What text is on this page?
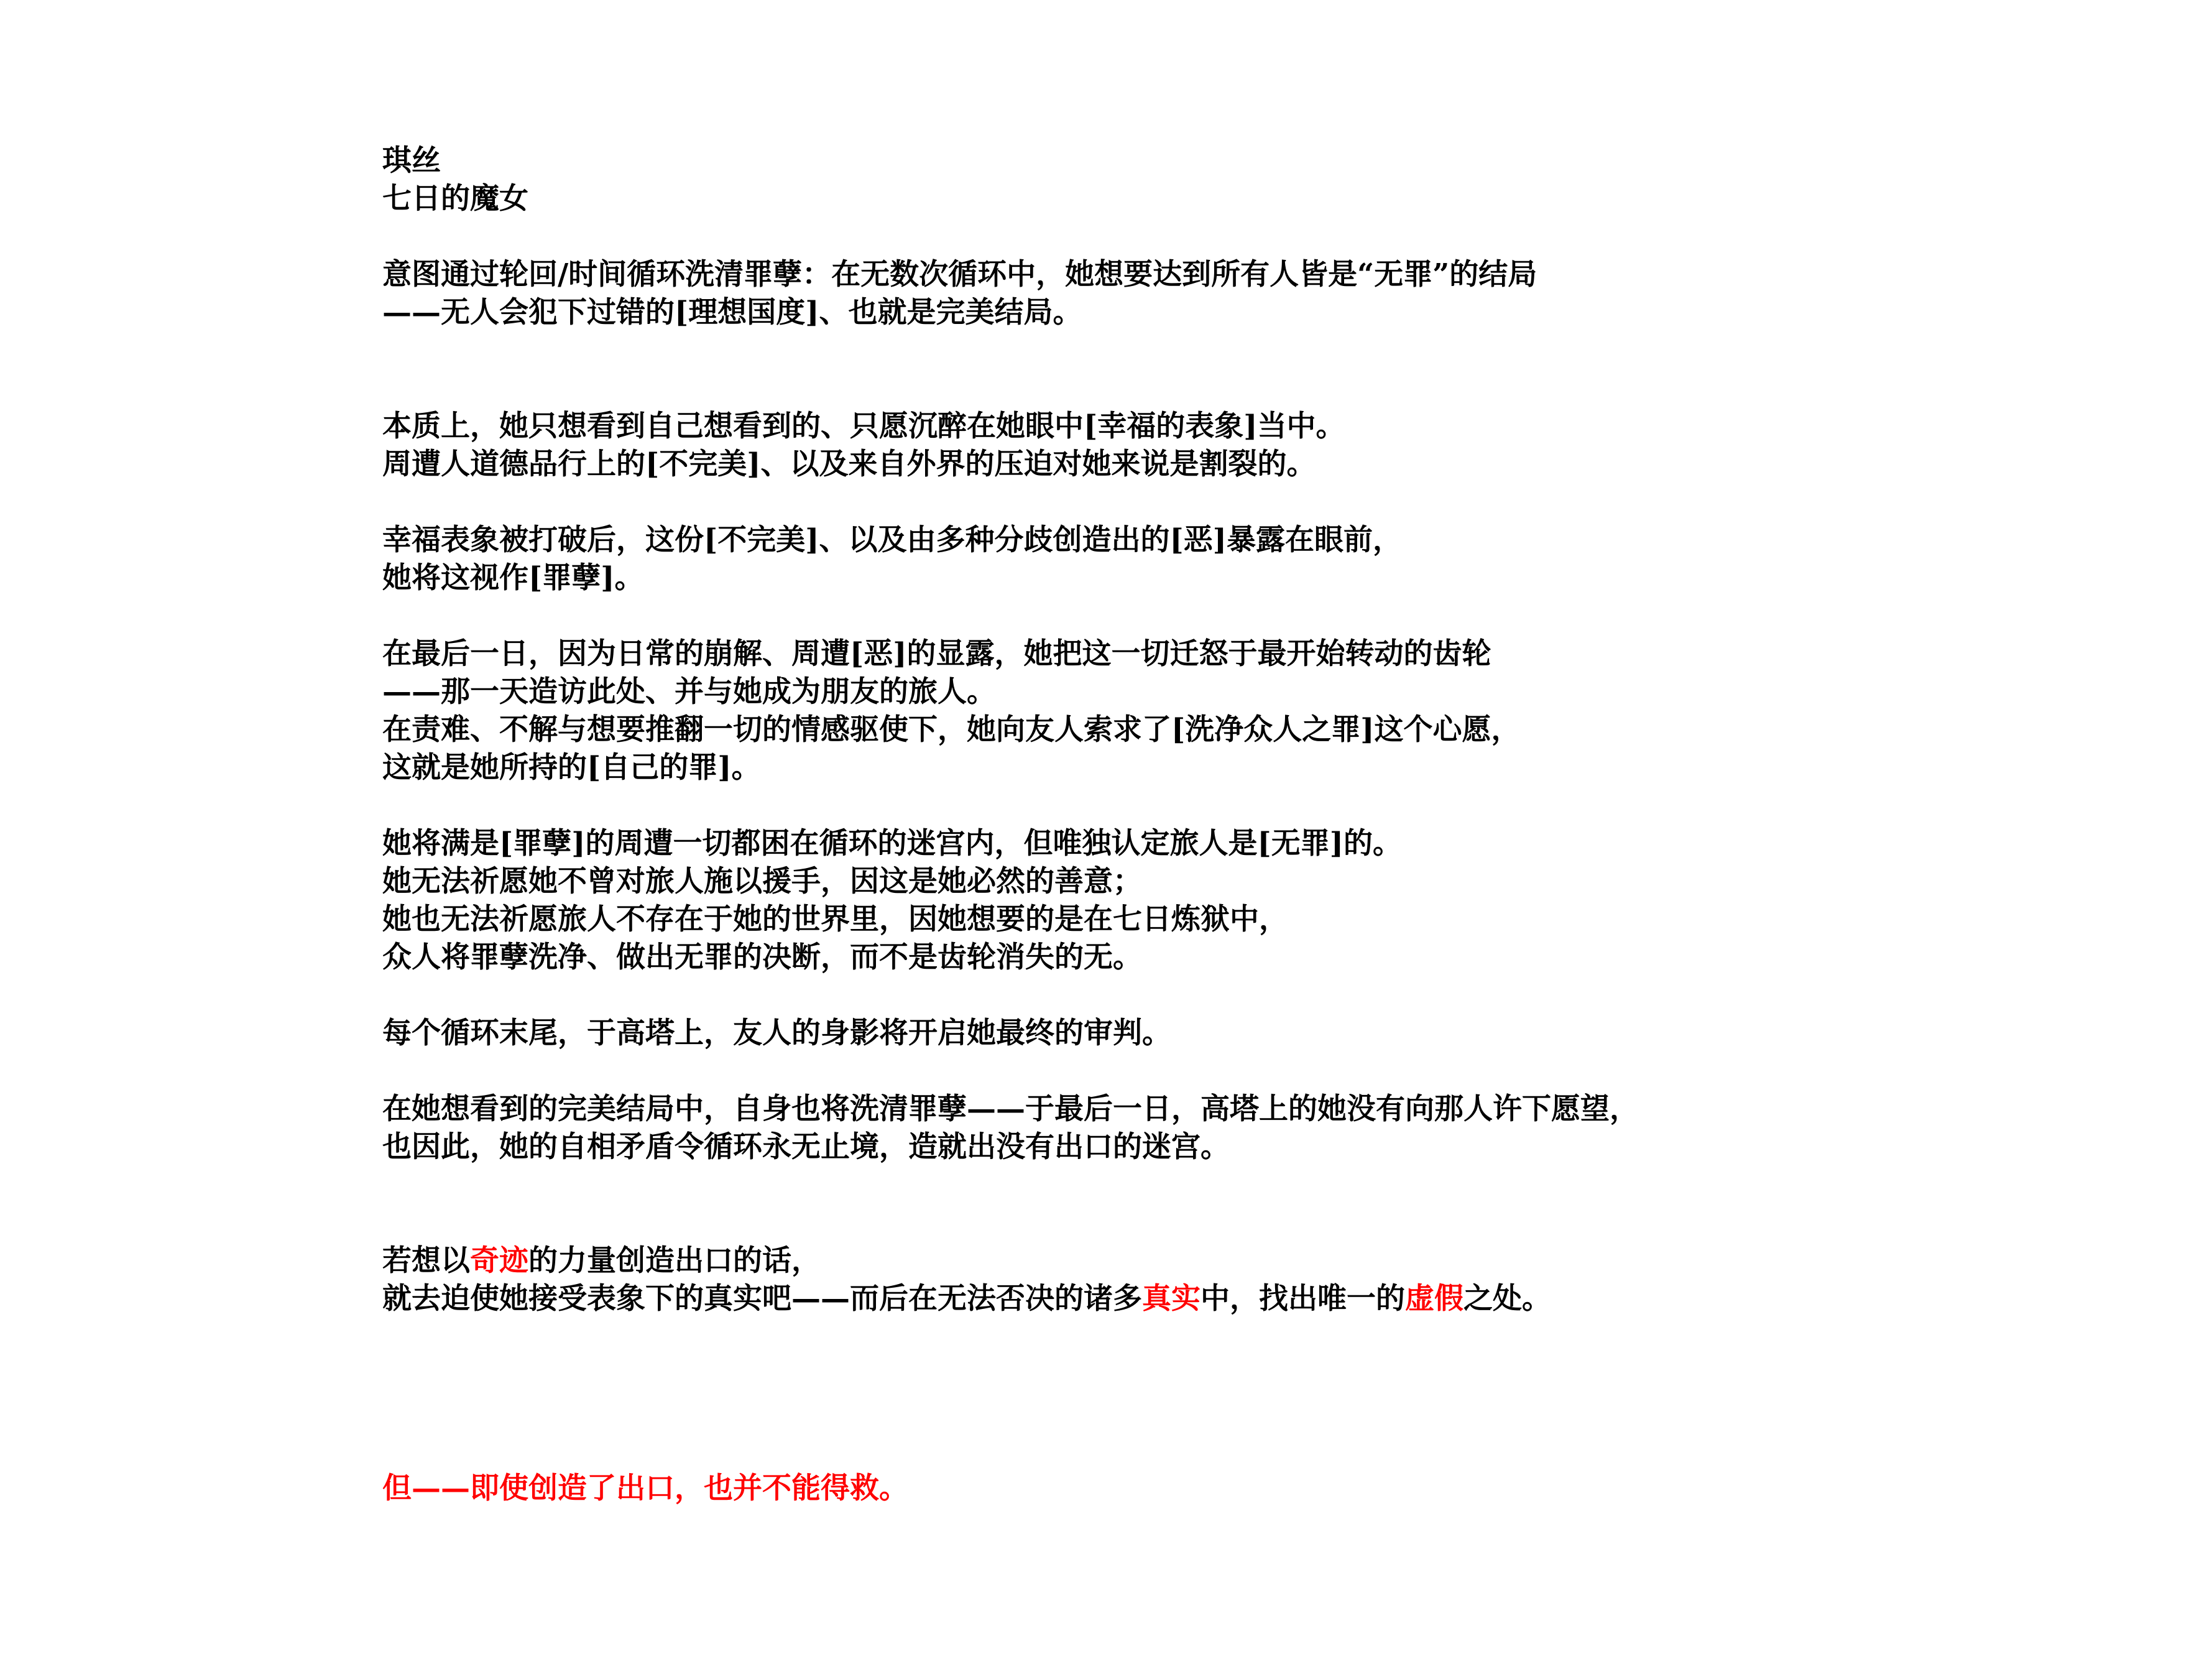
琪丝
七日的魔女
意图通过轮回/时间循环洗清罪孽：在无数次循环中，她想要达到所有人皆是“无罪”的结局
——无人会犯下过错的[理想国度]、也就是完美结局。
本质上，她只想看到自己想看到的、只愿沉醉在她眼中[幸福的表象]当中。
周遭人道德品行上的[不完美]、以及来自外界的压迫对她来说是割裂的。
幸福表象被打破后，这份[不完美]、以及由多种分歧创造出的[恶]暴露在眼前，
她将这视作[罪孽]。
在最后一日，因为日常的崩解、周遭[恶]的显露，她把这一切迁怒于最开始转动的齿轮
——那一天造访此处、并与她成为朋友的旅人。
在责难、不解与想要推翻一切的情感驱使下，她向友人索求了[洗净众人之罪]这个心愿，
这就是她所持的[自己的罪]。
她将满是[罪孽]的周遭一切都困在循环的迷宫内，但唯独认定旅人是[无罪]的。
她无法祈愿她不曾对旅人施以援手，因这是她必然的善意；
她也无法祈愿旅人不存在于她的世界里，因她想要的是在七日炼狱中，
众人将罪孽洗净、做出无罪的决断，而不是齿轮消失的无。
每个循环末尾，于高塔上，友人的身影将开启她最终的审判。
在她想看到的完美结局中，自身也将洗清罪孽——于最后一日，高塔上的她没有向那人许下愿望，
也因此，她的自相矛盾令循环永无止境，造就出没有出口的迷宫。
若想以奇迹的力量创造出口的话，
就去迫使她接受表象下的真实吧——而后在无法否决的诸多真实中，找出唯一的虚假之处。
但——即使创造了出口，也并不能得救。
